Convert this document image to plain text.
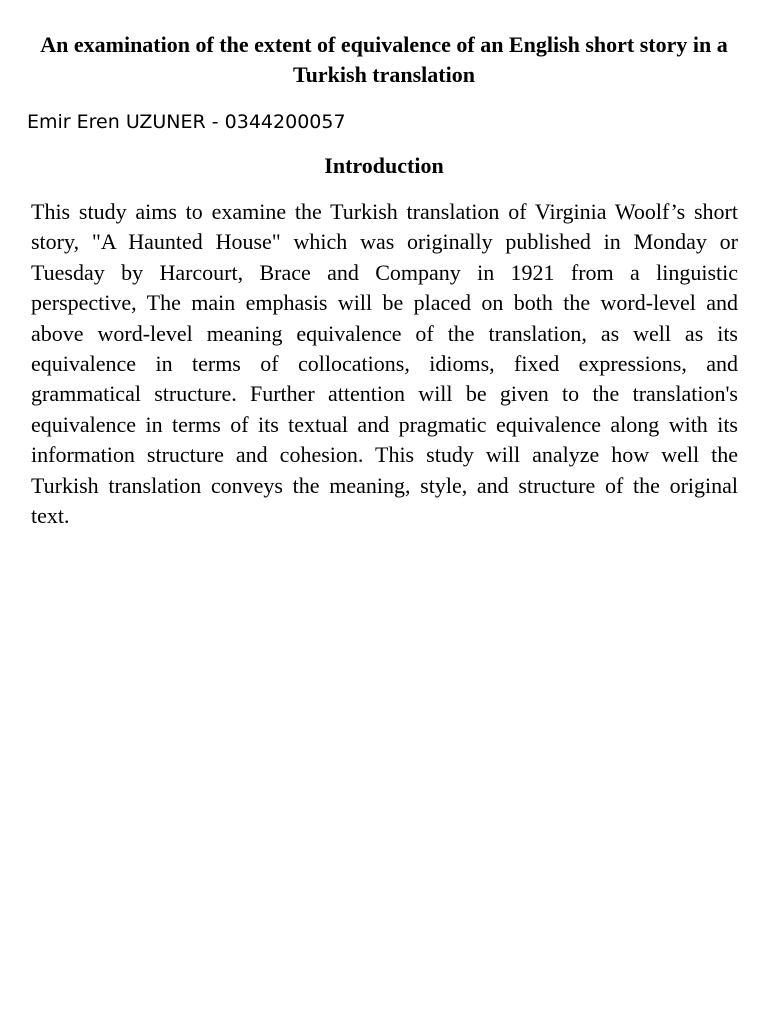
An examination of the extent of equivalence of an English short story in a Turkish translation

Emir Eren UZUNER - 0344200057

Introduction

This study aims to examine the Turkish translation of Virginia Woolf’s short story, "A Haunted House" which was originally published in Monday or Tuesday by Harcourt, Brace and Company in 1921 from a linguistic perspective, The main emphasis will be placed on both the word-level and above word-level meaning equivalence of the translation, as well as its equivalence in terms of collocations, idioms, fixed expressions, and grammatical structure. Further attention will be given to the translation's equivalence in terms of its textual and pragmatic equivalence along with its information structure and cohesion. This study will analyze how well the Turkish translation conveys the meaning, style, and structure of the original text.
